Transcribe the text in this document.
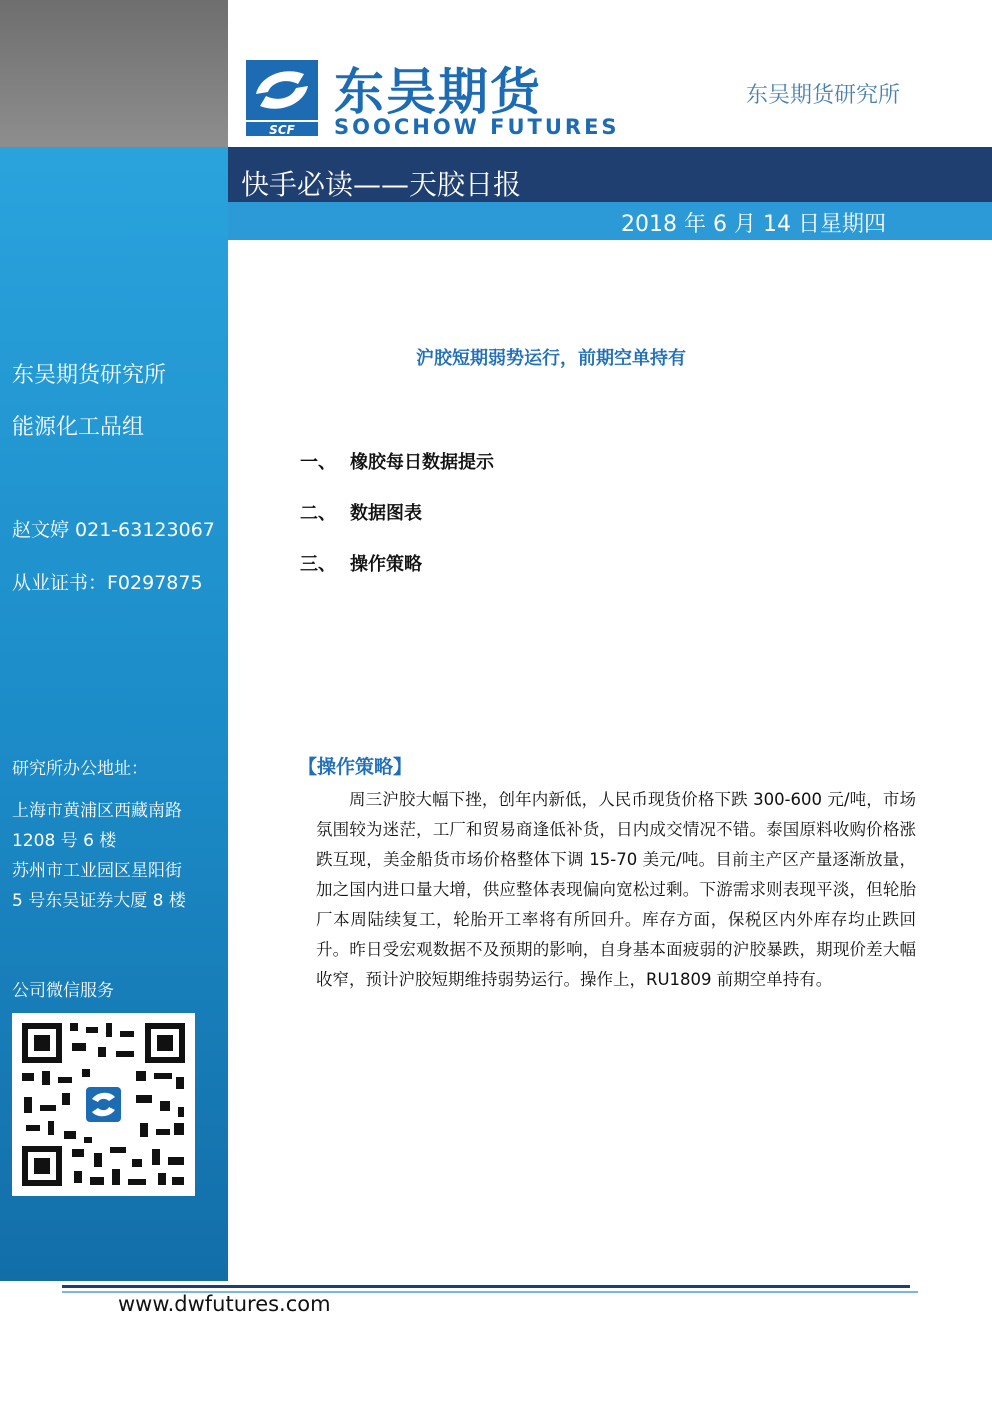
东吴期货研究所
能源化工品组
赵文婷 021-63123067
从业证书：F0297875
研究所办公地址：
上海市黄浦区西藏南路
1208 号 6 楼
苏州市工业园区星阳街
5 号东吴证券大厦 8 楼
公司微信服务
SCF
东吴期货
SOOCHOW FUTURES
东吴期货研究所
快手必读——天胶日报
2018 年 6 月 14 日星期四
沪胶短期弱势运行，前期空单持有
一、 橡胶每日数据提示
二、 数据图表
三、 操作策略
【操作策略】
周三沪胶大幅下挫，创年内新低，人民币现货价格下跌 300-600 元/吨，市场氛围较为迷茫，工厂和贸易商逢低补货，日内成交情况不错。泰国原料收购价格涨跌互现，美金船货市场价格整体下调 15-70 美元/吨。目前主产区产量逐渐放量，加之国内进口量大增，供应整体表现偏向宽松过剩。下游需求则表现平淡，但轮胎厂本周陆续复工，轮胎开工率将有所回升。库存方面，保税区内外库存均止跌回升。昨日受宏观数据不及预期的影响，自身基本面疲弱的沪胶暴跌，期现价差大幅收窄，预计沪胶短期维持弱势运行。操作上，RU1809 前期空单持有。
www.dwfutures.com
